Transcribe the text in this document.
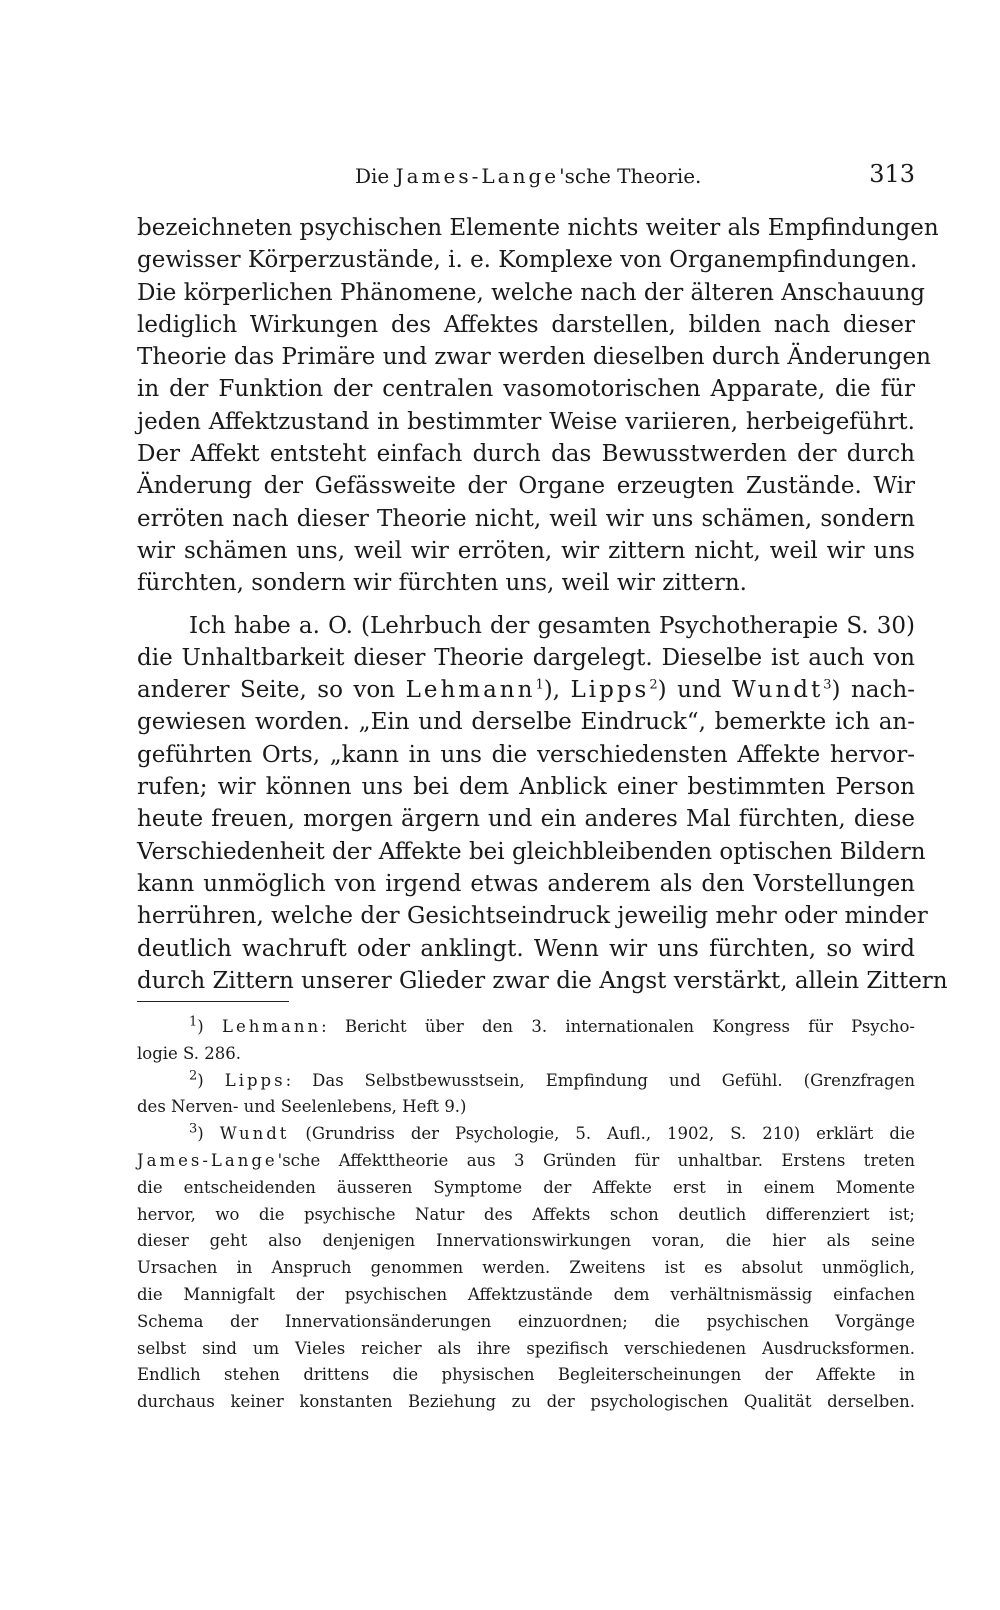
Die James-Lange'sche Theorie.	313
bezeichneten psychischen Elemente nichts weiter als Empfindungen
gewisser Körperzustände, i. e. Komplexe von Organempfindungen.
Die körperlichen Phänomene, welche nach der älteren Anschauung
lediglich Wirkungen des Affektes darstellen, bilden nach dieser
Theorie das Primäre und zwar werden dieselben durch Änderungen
in der Funktion der centralen vasomotorischen Apparate, die für
jeden Affektzustand in bestimmter Weise variieren, herbeigeführt.
Der Affekt entsteht einfach durch das Bewusstwerden der durch
Änderung der Gefässweite der Organe erzeugten Zustände. Wir
erröten nach dieser Theorie nicht, weil wir uns schämen, sondern
wir schämen uns, weil wir erröten, wir zittern nicht, weil wir uns
fürchten, sondern wir fürchten uns, weil wir zittern.
Ich habe a. O. (Lehrbuch der gesamten Psychotherapie S. 30)
die Unhaltbarkeit dieser Theorie dargelegt. Dieselbe ist auch von
anderer Seite, so von Lehmann$^1$), Lipps$^2$) und Wundt$^3$) nach-
gewiesen worden. „Ein und derselbe Eindruck“, bemerkte ich an-
geführten Orts, „kann in uns die verschiedensten Affekte hervor-
rufen; wir können uns bei dem Anblick einer bestimmten Person
heute freuen, morgen ärgern und ein anderes Mal fürchten, diese
Verschiedenheit der Affekte bei gleichbleibenden optischen Bildern
kann unmöglich von irgend etwas anderem als den Vorstellungen
herrühren, welche der Gesichtseindruck jeweilig mehr oder minder
deutlich wachruft oder anklingt. Wenn wir uns fürchten, so wird
durch Zittern unserer Glieder zwar die Angst verstärkt, allein Zittern
$^1$) Lehmann: Bericht über den 3. internationalen Kongress für Psycho-
logie S. 286.
$^2$) Lipps: Das Selbstbewusstsein, Empfindung und Gefühl. (Grenzfragen
des Nerven- und Seelenlebens, Heft 9.)
$^3$) Wundt (Grundriss der Psychologie, 5. Aufl., 1902, S. 210) erklärt die
James-Lange'sche Affekttheorie aus 3 Gründen für unhaltbar. Erstens treten
die entscheidenden äusseren Symptome der Affekte erst in einem Momente
hervor, wo die psychische Natur des Affekts schon deutlich differenziert ist;
dieser geht also denjenigen Innervationswirkungen voran, die hier als seine
Ursachen in Anspruch genommen werden. Zweitens ist es absolut unmöglich,
die Mannigfalt der psychischen Affektzustände dem verhältnismässig einfachen
Schema der Innervationsänderungen einzuordnen; die psychischen Vorgänge
selbst sind um Vieles reicher als ihre spezifisch verschiedenen Ausdrucksformen.
Endlich stehen drittens die physischen Begleiterscheinungen der Affekte in
durchaus keiner konstanten Beziehung zu der psychologischen Qualität derselben.
